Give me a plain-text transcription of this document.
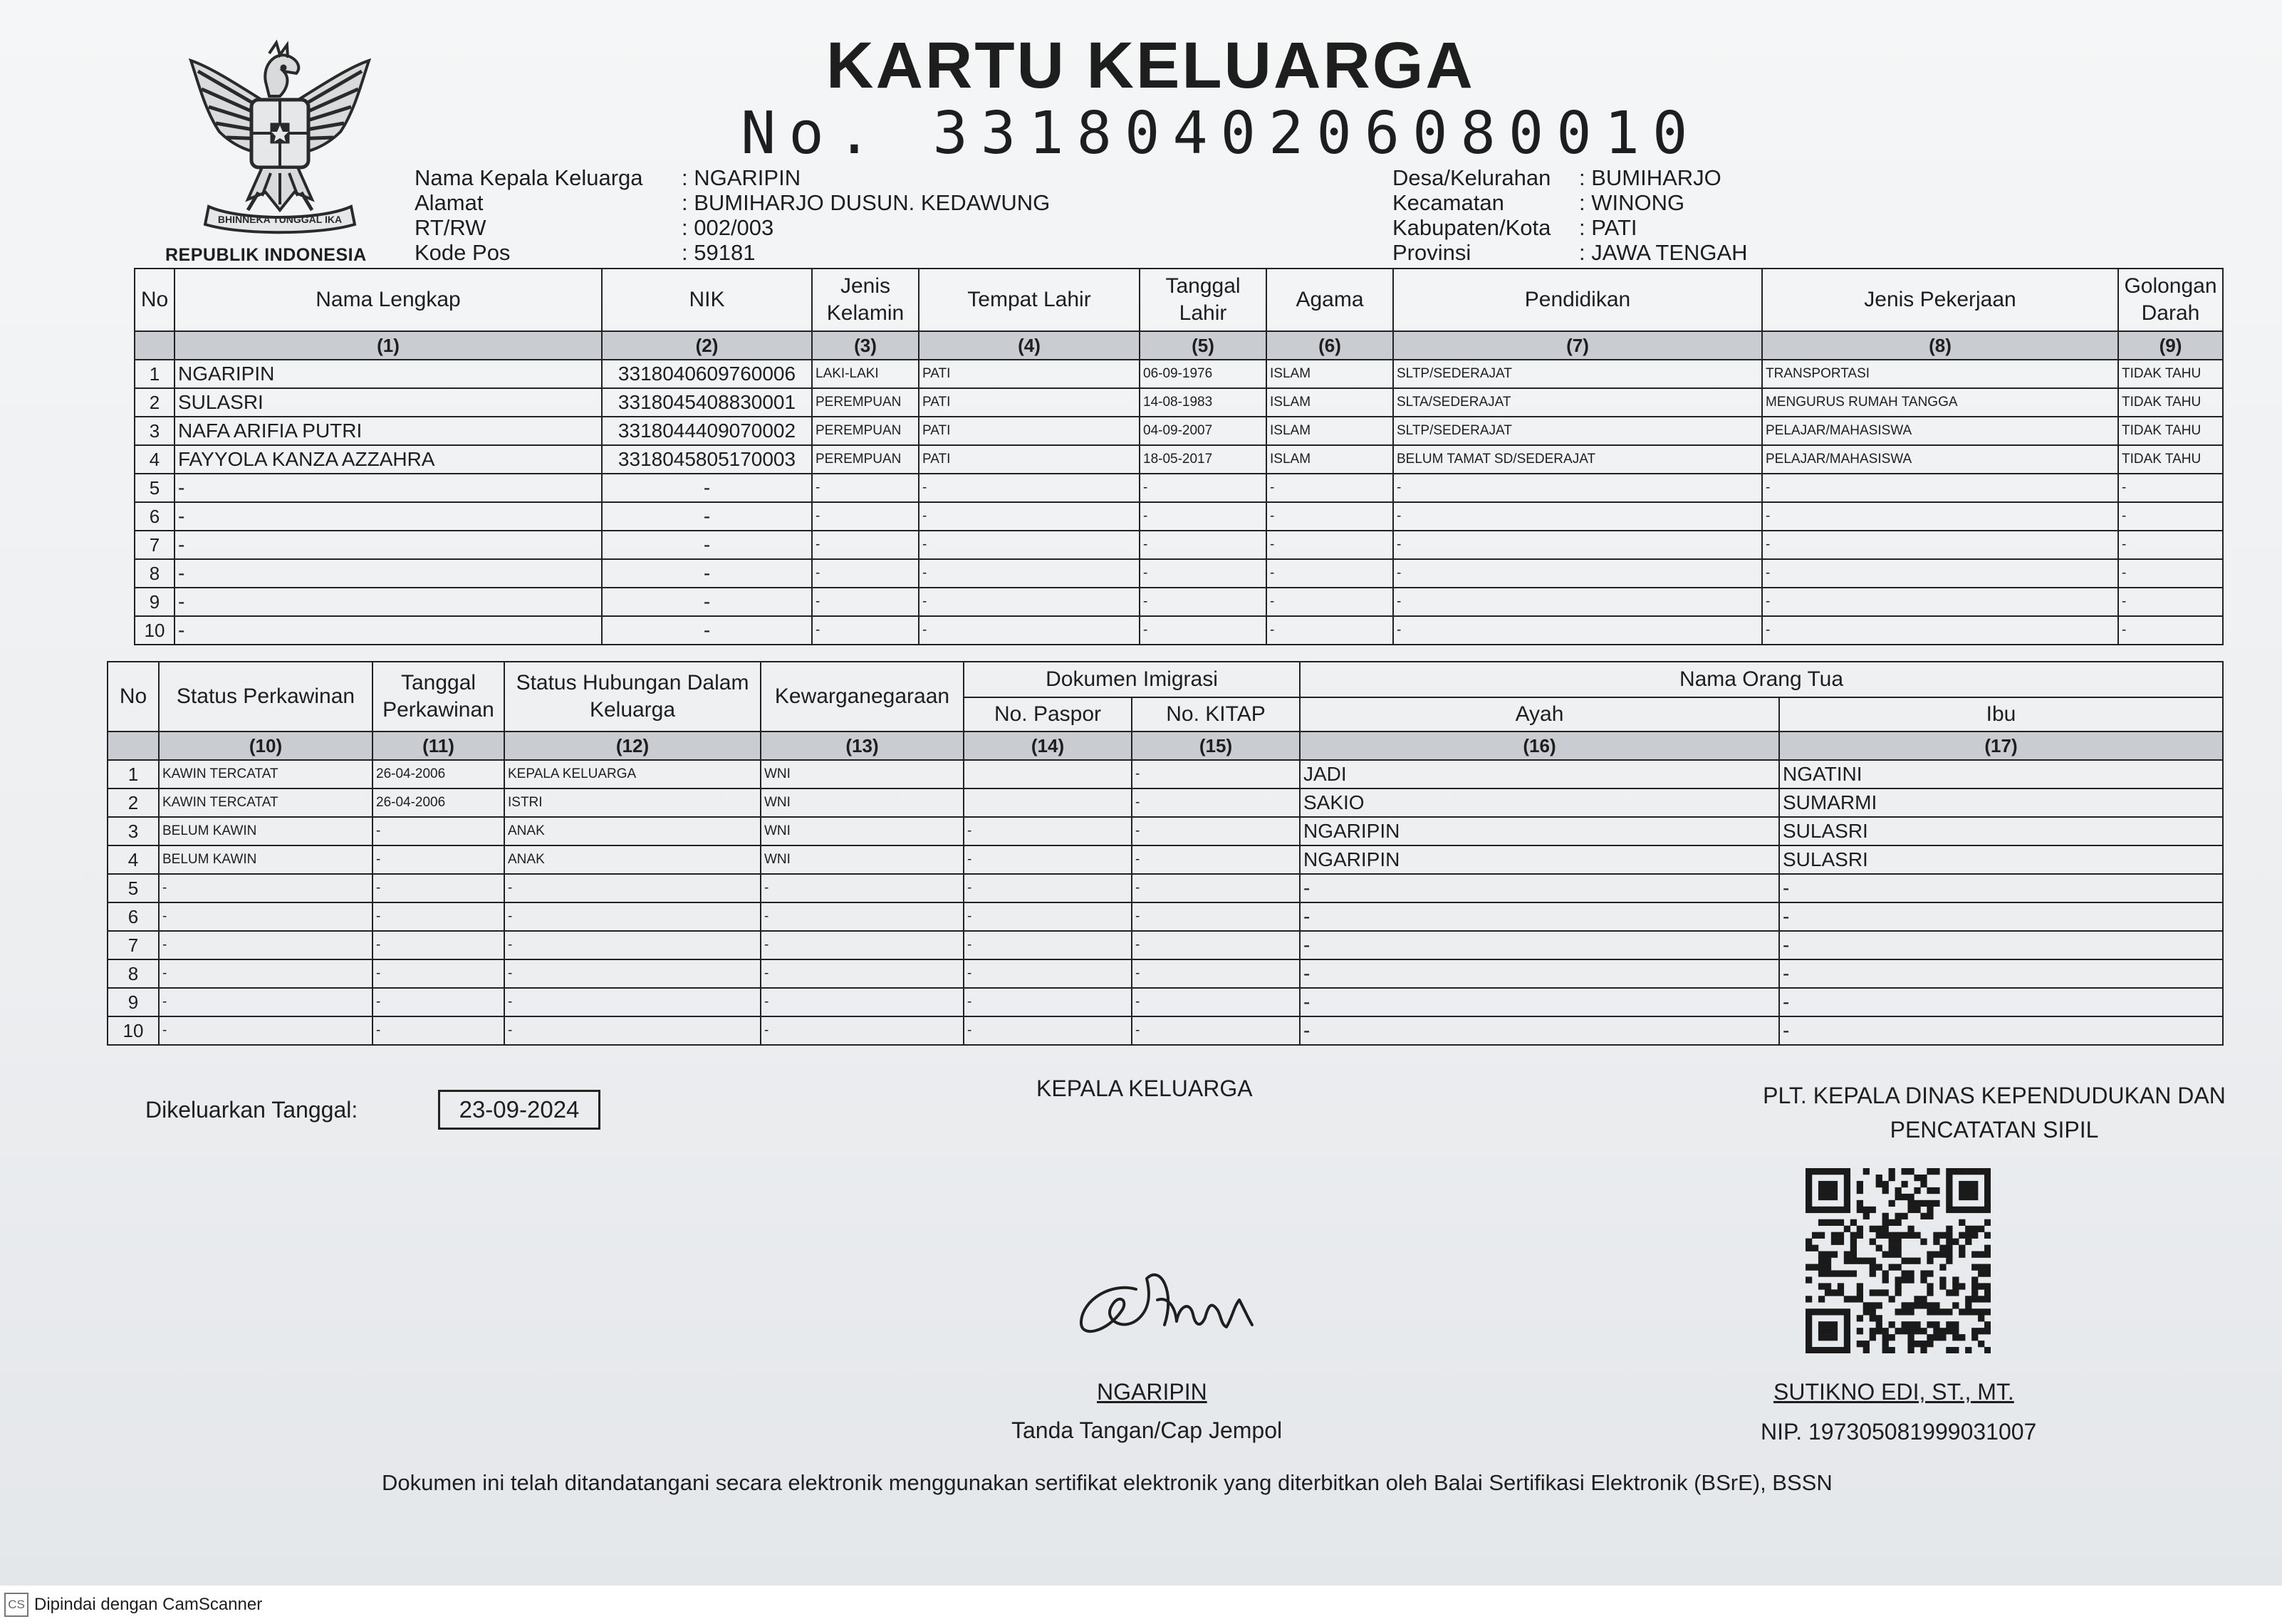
BHINNEKA TUNGGAL IKA
REPUBLIK INDONESIA
KARTU KELUARGA
No. 3318040206080010
Nama Kepala Keluarga	: NGARIPIN
Alamat	: BUMIHARJO DUSUN. KEDAWUNG
RT/RW	: 002/003
Kode Pos	: 59181
Desa/Kelurahan	: BUMIHARJO
Kecamatan	: WINONG
Kabupaten/Kota	: PATI
Provinsi	: JAWA TENGAH
No	Nama Lengkap	NIK	Jenis Kelamin	Tempat Lahir	Tanggal Lahir	Agama	Pendidikan	Jenis Pekerjaan	Golongan Darah
	(1)	(2)	(3)	(4)	(5)	(6)	(7)	(8)	(9)
1	NGARIPIN	3318040609760006	LAKI-LAKI	PATI	06-09-1976	ISLAM	SLTP/SEDERAJAT	TRANSPORTASI	TIDAK TAHU
2	SULASRI	3318045408830001	PEREMPUAN	PATI	14-08-1983	ISLAM	SLTA/SEDERAJAT	MENGURUS RUMAH TANGGA	TIDAK TAHU
3	NAFA ARIFIA PUTRI	3318044409070002	PEREMPUAN	PATI	04-09-2007	ISLAM	SLTP/SEDERAJAT	PELAJAR/MAHASISWA	TIDAK TAHU
4	FAYYOLA KANZA AZZAHRA	3318045805170003	PEREMPUAN	PATI	18-05-2017	ISLAM	BELUM TAMAT SD/SEDERAJAT	PELAJAR/MAHASISWA	TIDAK TAHU
5	-	-	-	-	-	-	-	-	-
6	-	-	-	-	-	-	-	-	-
7	-	-	-	-	-	-	-	-	-
8	-	-	-	-	-	-	-	-	-
9	-	-	-	-	-	-	-	-	-
10	-	-	-	-	-	-	-	-	-
No	Status Perkawinan	Tanggal Perkawinan	Status Hubungan Dalam Keluarga	Kewarganegaraan	Dokumen Imigrasi		Nama Orang Tua	
					No. Paspor	No. KITAP	Ayah	Ibu
	(10)	(11)	(12)	(13)	(14)	(15)	(16)	(17)
1	KAWIN TERCATAT	26-04-2006	KEPALA KELUARGA	WNI		-	JADI	NGATINI
2	KAWIN TERCATAT	26-04-2006	ISTRI	WNI		-	SAKIO	SUMARMI
3	BELUM KAWIN	-	ANAK	WNI	-	-	NGARIPIN	SULASRI
4	BELUM KAWIN	-	ANAK	WNI	-	-	NGARIPIN	SULASRI
5	-	-	-	-	-	-	-	-
6	-	-	-	-	-	-	-	-
7	-	-	-	-	-	-	-	-
8	-	-	-	-	-	-	-	-
9	-	-	-	-	-	-	-	-
10	-	-	-	-	-	-	-	-
Dikeluarkan Tanggal:	23-09-2024
KEPALA KELUARGA	PLT. KEPALA DINAS KEPENDUDUKAN DAN
PENCATATAN SIPIL
NGARIPIN
Tanda Tangan/Cap Jempol
SUTIKNO EDI, ST., MT.
NIP. 197305081999031007
Dokumen ini telah ditandatangani secara elektronik menggunakan sertifikat elektronik yang diterbitkan oleh Balai Sertifikasi Elektronik (BSrE), BSSN
CS Dipindai dengan CamScanner
